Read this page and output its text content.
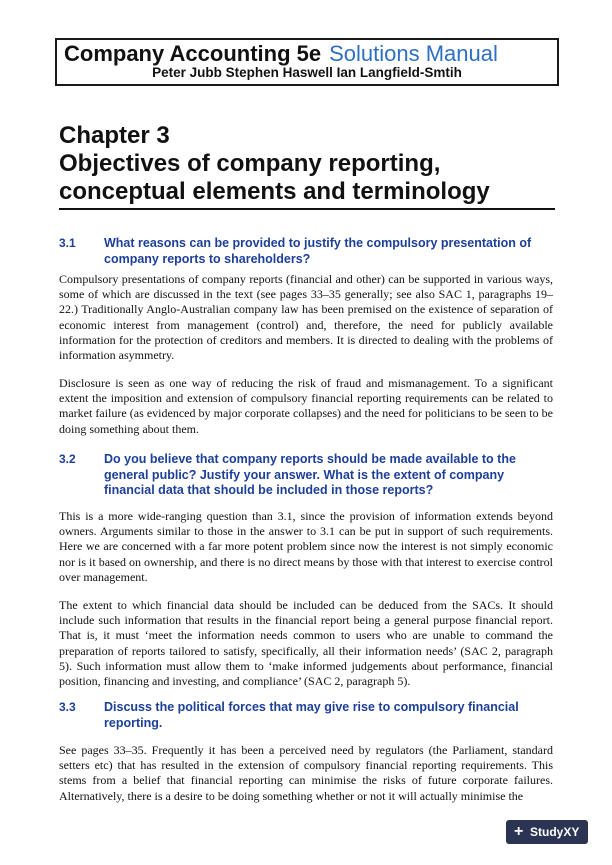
Company Accounting 5e Solutions Manual
Peter Jubb Stephen Haswell Ian Langfield-Smtih
Chapter 3
Objectives of company reporting,
conceptual elements and terminology
3.1 What reasons can be provided to justify the compulsory presentation of company reports to shareholders?

Compulsory presentations of company reports (financial and other) can be supported in various ways, some of which are discussed in the text (see pages 33–35 generally; see also SAC 1, paragraphs 19–22.) Traditionally Anglo-Australian company law has been premised on the existence of separation of economic interest from management (control) and, therefore, the need for publicly available information for the protection of creditors and members. It is directed to dealing with the problems of information asymmetry.

Disclosure is seen as one way of reducing the risk of fraud and mismanagement. To a significant extent the imposition and extension of compulsory financial reporting requirements can be related to market failure (as evidenced by major corporate collapses) and the need for politicians to be seen to be doing something about them.

3.2 Do you believe that company reports should be made available to the general public? Justify your answer. What is the extent of company financial data that should be included in those reports?

This is a more wide-ranging question than 3.1, since the provision of information extends beyond owners. Arguments similar to those in the answer to 3.1 can be put in support of such requirements. Here we are concerned with a far more potent problem since now the interest is not simply economic nor is it based on ownership, and there is no direct means by those with that interest to exercise control over management.

The extent to which financial data should be included can be deduced from the SACs. It should include such information that results in the financial report being a general purpose financial report. That is, it must ‘meet the information needs common to users who are unable to command the preparation of reports tailored to satisfy, specifically, all their information needs’ (SAC 2, paragraph 5). Such information must allow them to ‘make informed judgements about performance, financial position, financing and investing, and compliance’ (SAC 2, paragraph 5).

3.3 Discuss the political forces that may give rise to compulsory financial reporting.

See pages 33–35. Frequently it has been a perceived need by regulators (the Parliament, standard setters etc) that has resulted in the extension of compulsory financial reporting requirements. This stems from a belief that financial reporting can minimise the risks of future corporate failures. Alternatively, there is a desire to be doing something whether or not it will actually minimise the

+ StudyXY
